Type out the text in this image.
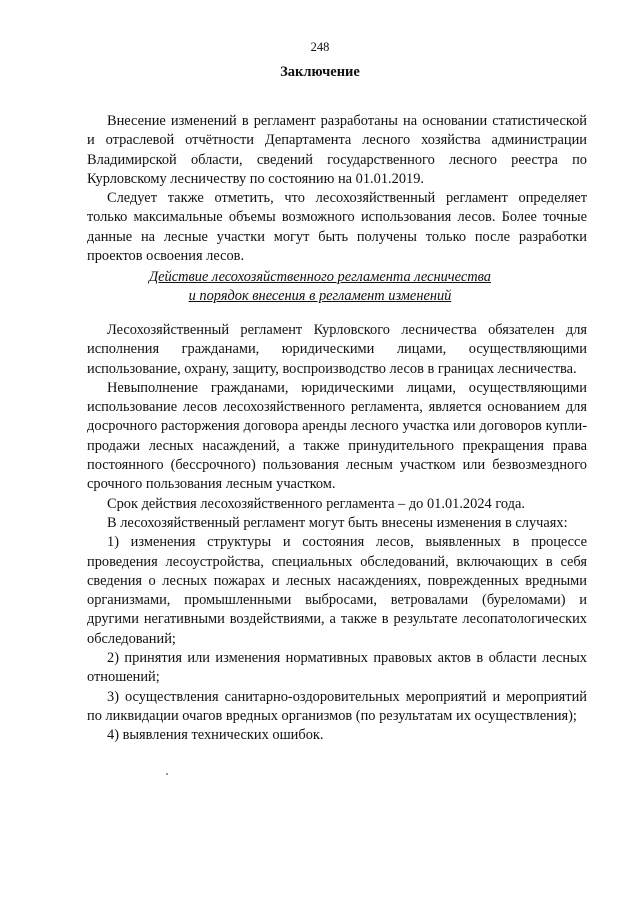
248
Заключение

Внесение изменений в регламент разработаны на основании статистической и отраслевой отчётности Департамента лесного хозяйства администрации Владимирской области, сведений государственного лесного реестра по Курловскому лесничеству по состоянию на 01.01.2019.

Следует также отметить, что лесохозяйственный регламент определяет только максимальные объемы возможного использования лесов. Более точные данные на лесные участки могут быть получены только после разработки проектов освоения лесов.

Действие лесохозяйственного регламента лесничества
и порядок внесения в регламент изменений

Лесохозяйственный регламент Курловского лесничества обязателен для исполнения гражданами, юридическими лицами, осуществляющими использование, охрану, защиту, воспроизводство лесов в границах лесничества.

Невыполнение гражданами, юридическими лицами, осуществляющими использование лесов лесохозяйственного регламента, является основанием для досрочного расторжения договора аренды лесного участка или договоров купли-продажи лесных насаждений, а также принудительного прекращения права постоянного (бессрочного) пользования лесным участком или безвозмездного срочного пользования лесным участком.

Срок действия лесохозяйственного регламента – до 01.01.2024 года.

В лесохозяйственный регламент могут быть внесены изменения в случаях:

1) изменения структуры и состояния лесов, выявленных в процессе проведения лесоустройства, специальных обследований, включающих в себя сведения о лесных пожарах и лесных насаждениях, поврежденных вредными организмами, промышленными выбросами, ветровалами (буреломами) и другими негативными воздействиями, а также в результате лесопатологических обследований;

2) принятия или изменения нормативных правовых актов в области лесных отношений;

3) осуществления санитарно-оздоровительных мероприятий и мероприятий по ликвидации очагов вредных организмов (по результатам их осуществления);

4) выявления технических ошибок.
